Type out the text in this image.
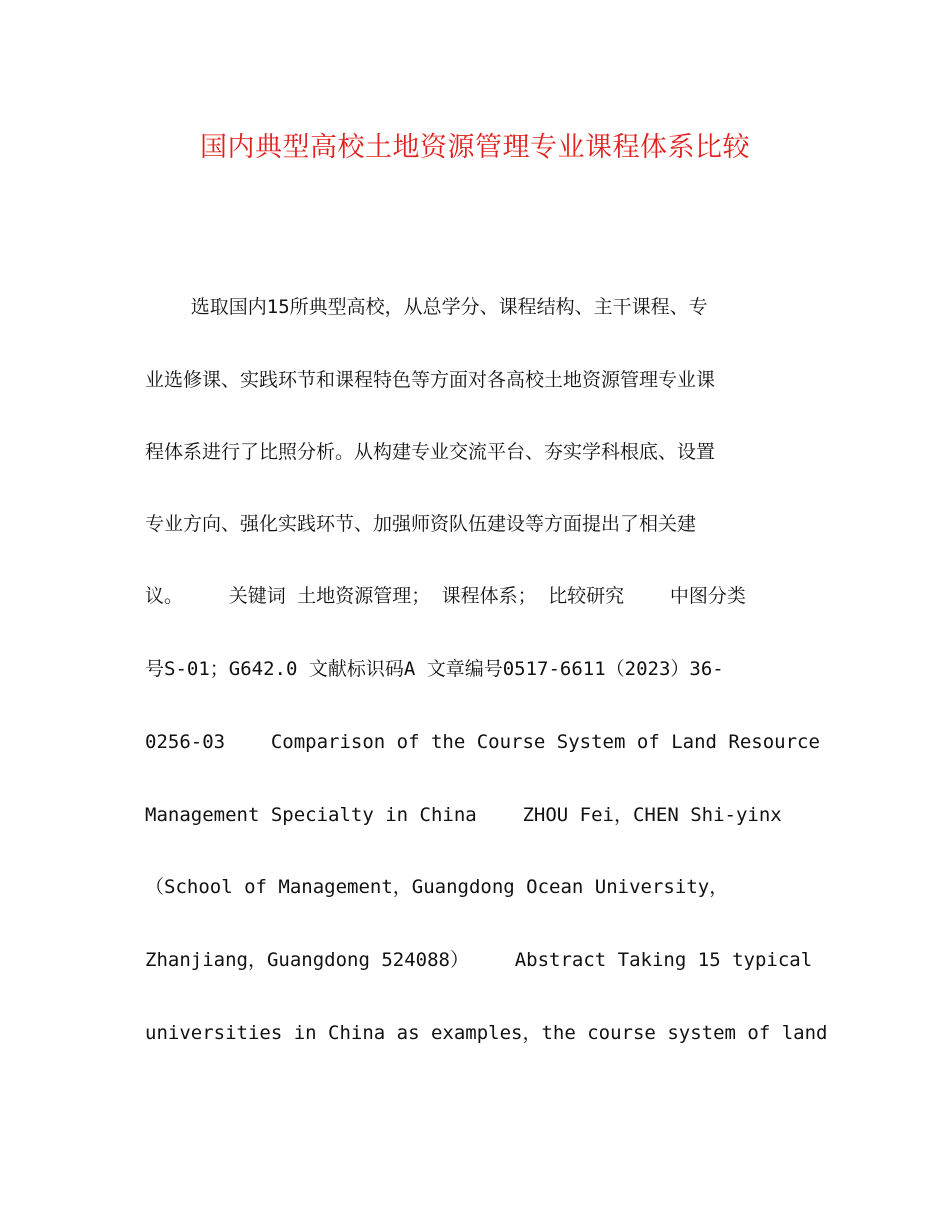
国内典型高校土地资源管理专业课程体系比较
选取国内15所典型高校，从总学分、课程结构、主干课程、专
业选修课、实践环节和课程特色等方面对各高校土地资源管理专业课
程体系进行了比照分析。从构建专业交流平台、夯实学科根底、设置
专业方向、强化实践环节、加强师资队伍建设等方面提出了相关建
议。    关键词 土地资源管理； 课程体系； 比较研究    中图分类
号S-01；G642.0 文献标识码A 文章编号0517-6611（2023）36-
0256-03    Comparison of the Course System of Land Resource
Management Specialty in China    ZHOU Fei，CHEN Shi-yinx
（School of Management，Guangdong Ocean University，
Zhanjiang，Guangdong 524088）    Abstract Taking 15 typical
universities in China as examples，the course system of land
